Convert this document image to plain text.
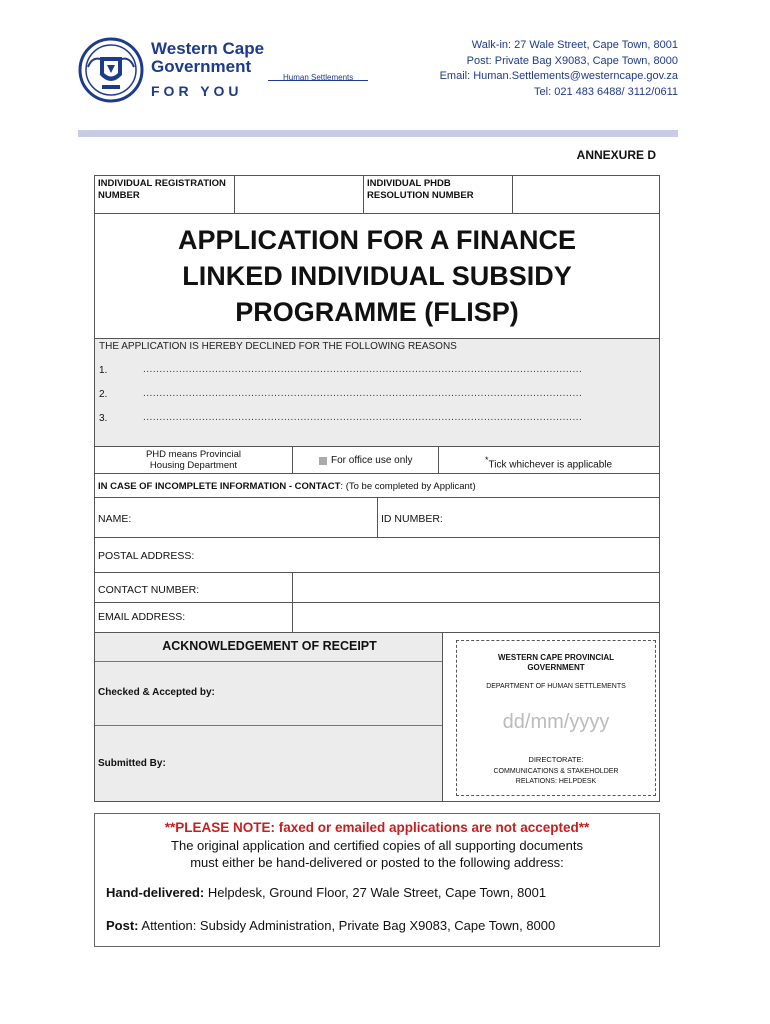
Western Cape
Government
FOR YOU
Human Settlements
Walk-in: 27 Wale Street, Cape Town, 8001
Post: Private Bag X9083, Cape Town, 8000
Email: Human.Settlements@westerncape.gov.za
Tel: 021 483 6488/ 3112/0611
ANNEXURE D
INDIVIDUAL REGISTRATION NUMBER
INDIVIDUAL PHDB RESOLUTION NUMBER
APPLICATION FOR A FINANCE
LINKED INDIVIDUAL SUBSIDY
PROGRAMME (FLISP)
THE APPLICATION IS HEREBY DECLINED FOR THE FOLLOWING REASONS
1.	......................................................................................................................................
2.	......................................................................................................................................
3.	......................................................................................................................................
PHD means Provincial Housing Department	For office use only	*Tick whichever is applicable
IN CASE OF INCOMPLETE INFORMATION - CONTACT: (To be completed by Applicant)
NAME:	ID NUMBER:
POSTAL ADDRESS:
CONTACT NUMBER:
EMAIL ADDRESS:
ACKNOWLEDGEMENT OF RECEIPT
Checked & Accepted by:
Submitted By:
WESTERN CAPE PROVINCIAL GOVERNMENT
DEPARTMENT OF HUMAN SETTLEMENTS
dd/mm/yyyy
DIRECTORATE:
COMMUNICATIONS & STAKEHOLDER RELATIONS: HELPDESK
**PLEASE NOTE: faxed or emailed applications are not accepted**
The original application and certified copies of all supporting documents
must either be hand-delivered or posted to the following address:
Hand-delivered: Helpdesk, Ground Floor, 27 Wale Street, Cape Town, 8001
Post: Attention: Subsidy Administration, Private Bag X9083, Cape Town, 8000
